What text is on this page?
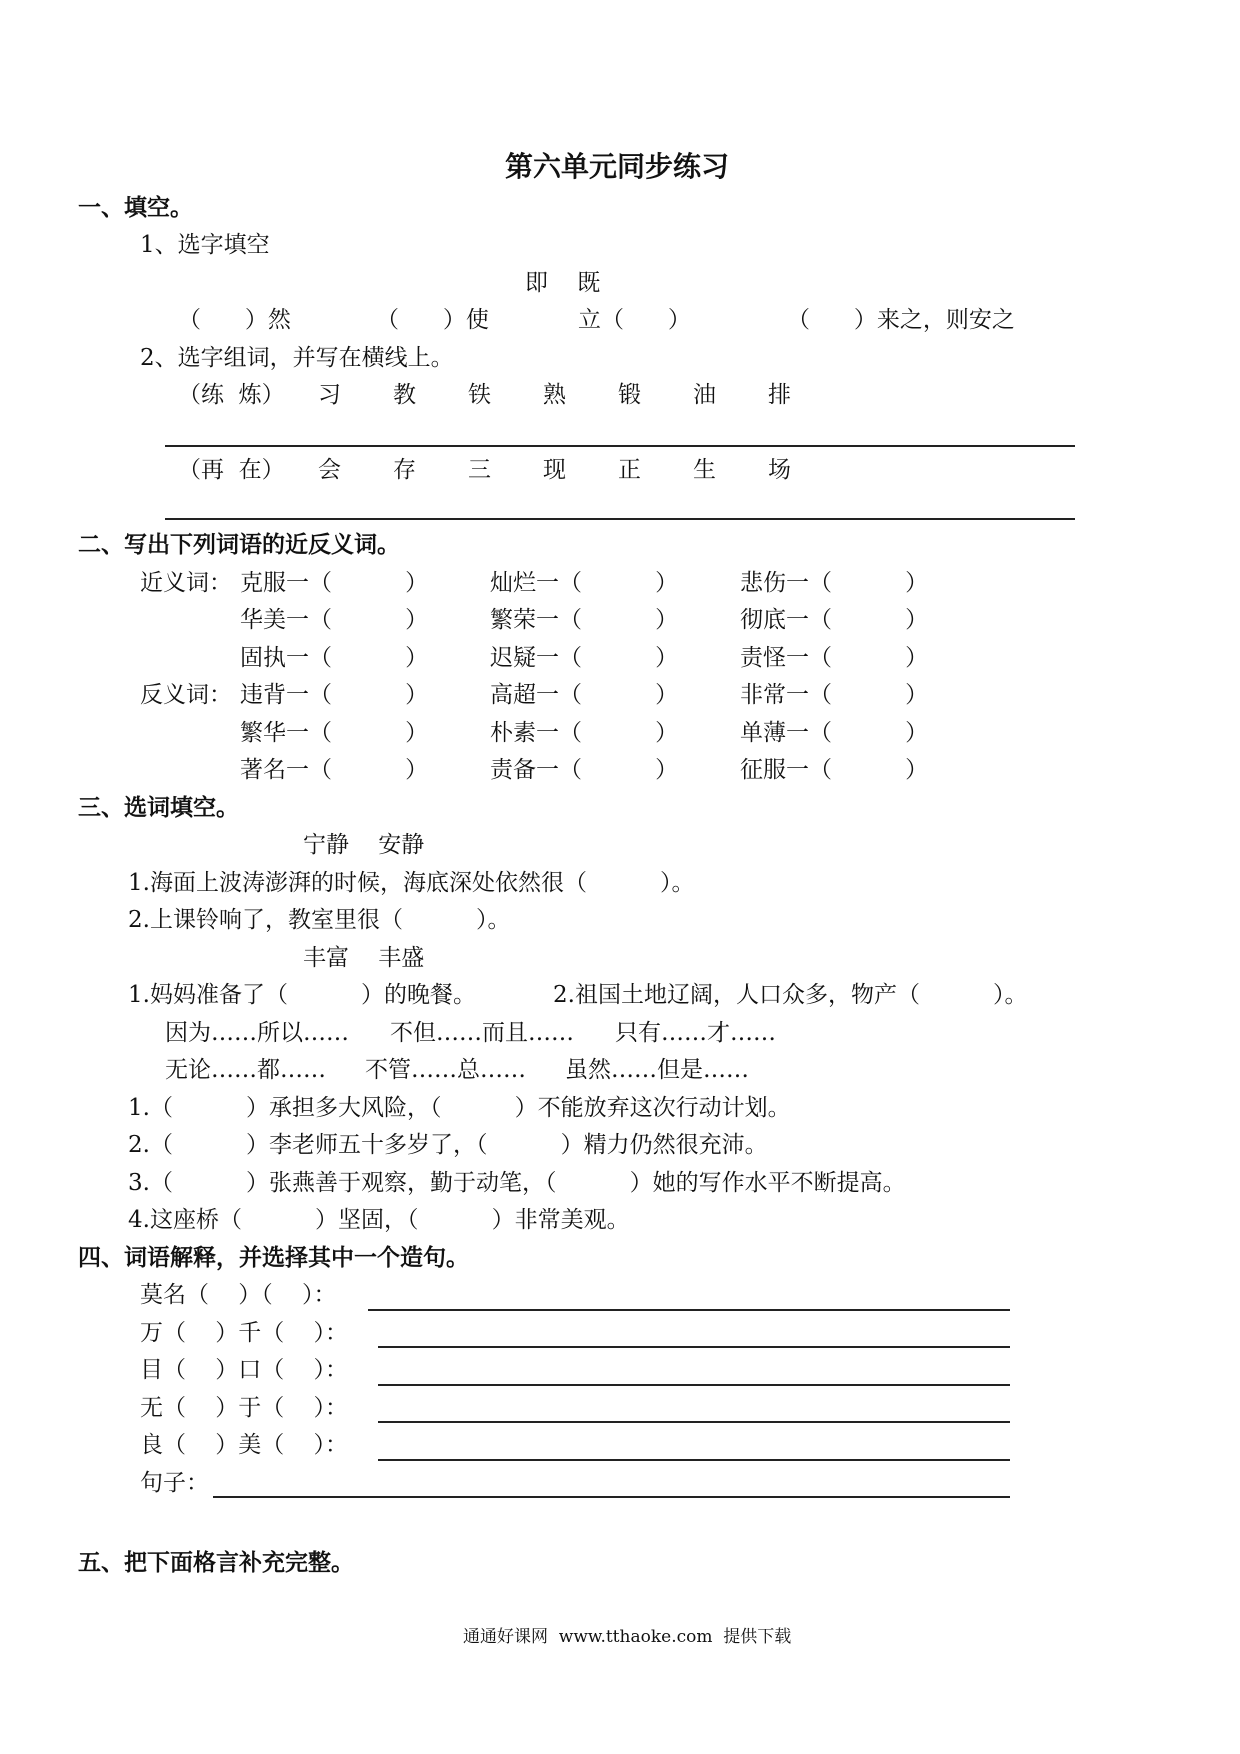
第六单元同步练习
一、填空。
1、选字填空
即    既
（      ）然	（      ）使	立（      ）	（      ）来之，则安之
2、选字组词，并写在横线上。
（练  炼） 习 教 铁 熟 锻 油 排
（再  在） 会 存 三 现 正 生 场
二、写出下列词语的近反义词。
近义词：
反义词：
克服一（          ）	灿烂一（          ）	悲伤一（          ）
华美一（          ）	繁荣一（          ）	彻底一（          ）
固执一（          ）	迟疑一（          ）	责怪一（          ）
违背一（          ）	高超一（          ）	非常一（          ）
繁华一（          ）	朴素一（          ）	单薄一（          ）
著名一（          ）	责备一（          ）	征服一（          ）
三、选词填空。
宁静    安静
1.海面上波涛澎湃的时候，海底深处依然很（          ）。
2.上课铃响了，教室里很（          ）。
丰富    丰盛
1.妈妈准备了（          ）的晚餐。	2.祖国土地辽阔，人口众多，物产（          ）。
因为……所以…… 不但……而且…… 只有……才……
无论……都…… 不管……总…… 虽然……但是……
1.（          ）承担多大风险，（          ）不能放弃这次行动计划。
2.（          ）李老师五十多岁了，（          ）精力仍然很充沛。
3.（          ）张燕善于观察，勤于动笔，（          ）她的写作水平不断提高。
4.这座桥（          ）坚固，（          ）非常美观。
四、词语解释，并选择其中一个造句。
莫名（    ）（    ）：
万（    ）千（    ）：
目（    ）口（    ）：
无（    ）于（    ）：
良（    ）美（    ）：
句子：
五、把下面格言补充完整。
通通好课网  www.tthaoke.com  提供下载
